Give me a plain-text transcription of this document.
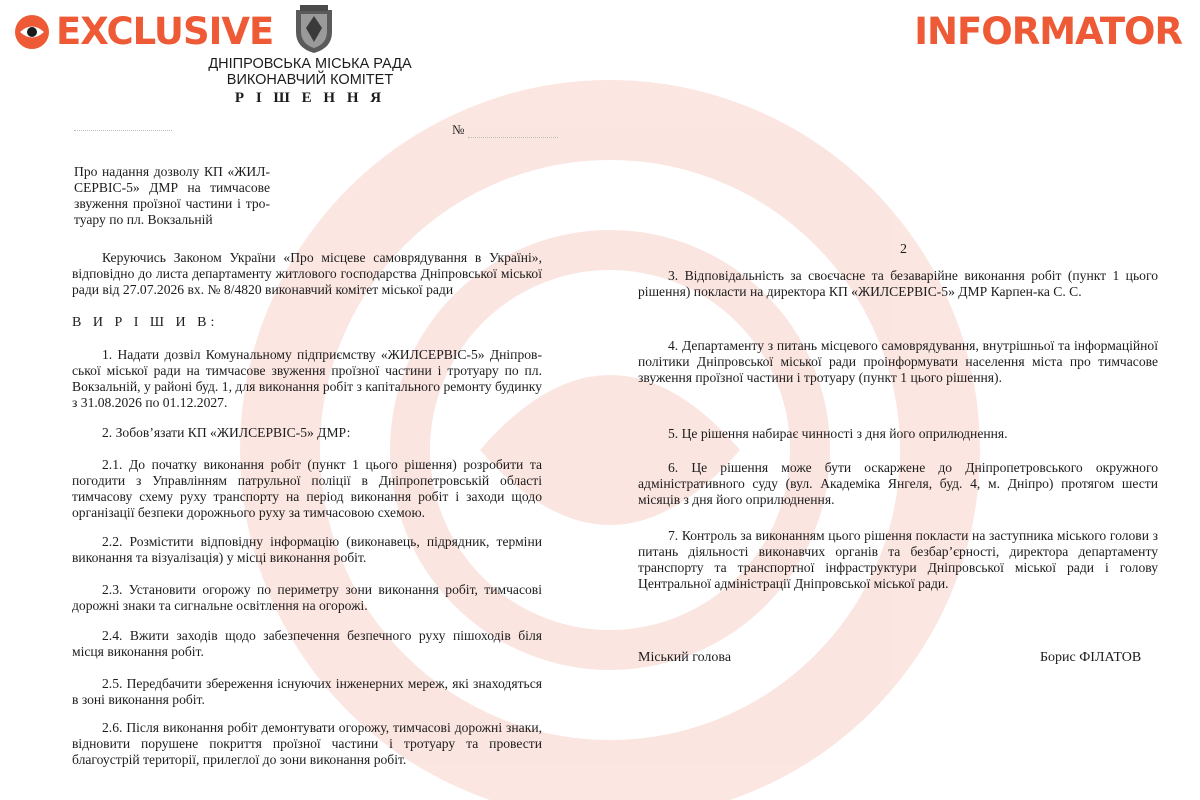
EXCLUSIVE	INFORMATOR
ДНІПРОВСЬКА МІСЬКА РАДА
ВИКОНАВЧИЙ КОМІТЕТ
Р І Ш Е Н Н Я
№
Про надання дозволу КП «ЖИЛ-СЕРВІС-5» ДМР на тимчасове звуження проїзної частини і тро-туару по пл. Вокзальній
Керуючись Законом України «Про місцеве самоврядування в Україні», відповідно до листа департаменту житлового господарства Дніпровської міської ради від 27.07.2026 вх. № 8/4820 виконавчий комітет міської ради
В И Р І Ш И В:
1. Надати дозвіл Комунальному підприємству «ЖИЛСЕРВІС-5» Дніпров-ської міської ради на тимчасове звуження проїзної частини і тротуару по пл. Вокзальній, у районі буд. 1, для виконання робіт з капітального ремонту будинку з 31.08.2026 по 01.12.2027.
2. Зобов’язати КП «ЖИЛСЕРВІС-5» ДМР:
2.1. До початку виконання робіт (пункт 1 цього рішення) розробити та погодити з Управлінням патрульної поліції в Дніпропетровській області тимчасову схему руху транспорту на період виконання робіт і заходи щодо організації безпеки дорожнього руху за тимчасовою схемою.
2.2. Розмістити відповідну інформацію (виконавець, підрядник, терміни виконання та візуалізація) у місці виконання робіт.
2.3. Установити огорожу по периметру зони виконання робіт, тимчасові дорожні знаки та сигнальне освітлення на огорожі.
2.4. Вжити заходів щодо забезпечення безпечного руху пішоходів біля місця виконання робіт.
2.5. Передбачити збереження існуючих інженерних мереж, які знаходяться в зоні виконання робіт.
2.6. Після виконання робіт демонтувати огорожу, тимчасові дорожні знаки, відновити порушене покриття проїзної частини і тротуару та провести благоустрій території, прилеглої до зони виконання робіт.
2
3. Відповідальність за своєчасне та безаварійне виконання робіт (пункт 1 цього рішення) покласти на директора КП «ЖИЛСЕРВІС-5» ДМР Карпен-ка С. С.
4. Департаменту з питань місцевого самоврядування, внутрішньої та інформаційної політики Дніпровської міської ради проінформувати населення міста про тимчасове звуження проїзної частини і тротуару (пункт 1 цього рішення).
5. Це рішення набирає чинності з дня його оприлюднення.
6. Це рішення може бути оскаржене до Дніпропетровського окружного адміністративного суду (вул. Академіка Янгеля, буд. 4, м. Дніпро) протягом шести місяців з дня його оприлюднення.
7. Контроль за виконанням цього рішення покласти на заступника міського голови з питань діяльності виконавчих органів та безбар’єрності, директора департаменту транспорту та транспортної інфраструктури Дніпровської міської ради і голову Центральної адміністрації Дніпровської міської ради.
Міський голова	Борис ФІЛАТОВ
